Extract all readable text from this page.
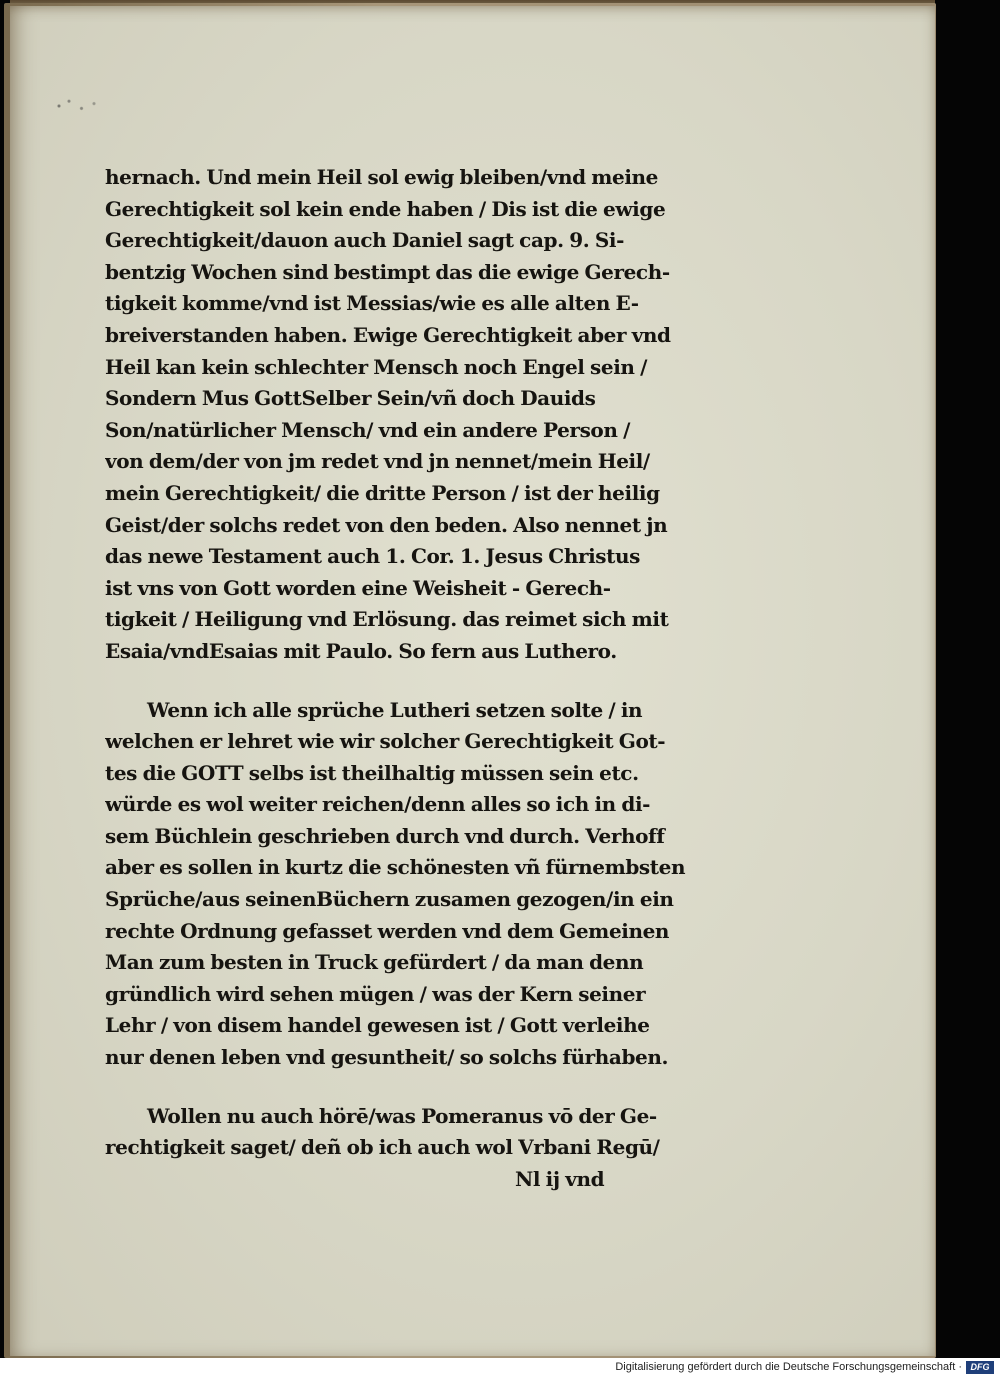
hernach. Und mein Heil sol ewig bleiben/vnd meine
Gerechtigkeit sol kein ende haben / Dis ist die ewige
Gerechtigkeit/dauon auch Daniel sagt cap. 9. Si-
bentzig Wochen sind bestimpt das die ewige Gerech-
tigkeit komme/vnd ist Messias/wie es alle alten E-
breiverstanden haben. Ewige Gerechtigkeit aber vnd
Heil kan kein schlechter Mensch noch Engel sein /
Sondern Mus GottSelber Sein/vñ doch Dauids
Son/natürlicher Mensch/ vnd ein andere Person /
von dem/der von jm redet vnd jn nennet/mein Heil/
mein Gerechtigkeit/ die dritte Person / ist der heilig
Geist/der solchs redet von den beden. Also nennet jn
das newe Testament auch 1. Cor. 1. Jesus Christus
ist vns von Gott worden eine Weisheit - Gerech-
tigkeit / Heiligung vnd Erlösung. das reimet sich mit
Esaia/vndEsaias mit Paulo. So fern aus Luthero.
Wenn ich alle sprüche Lutheri setzen solte / in
welchen er lehret wie wir solcher Gerechtigkeit Got-
tes die GOTT selbs ist theilhaltig müssen sein etc.
würde es wol weiter reichen/denn alles so ich in di-
sem Büchlein geschrieben durch vnd durch. Verhoff
aber es sollen in kurtz die schönesten vñ fürnembsten
Sprüche/aus seinenBüchern zusamen gezogen/in ein
rechte Ordnung gefasset werden vnd dem Gemeinen
Man zum besten in Truck gefürdert / da man denn
gründlich wird sehen mügen / was der Kern seiner
Lehr / von disem handel gewesen ist / Gott verleihe
nur denen leben vnd gesuntheit/ so solchs fürhaben.
Wollen nu auch hörē/was Pomeranus vō der Ge-
rechtigkeit saget/ deñ ob ich auch wol Vrbani Regū/
Nl ij vnd
Digitalisierung gefördert durch die Deutsche Forschungsgemeinschaft · DFG
